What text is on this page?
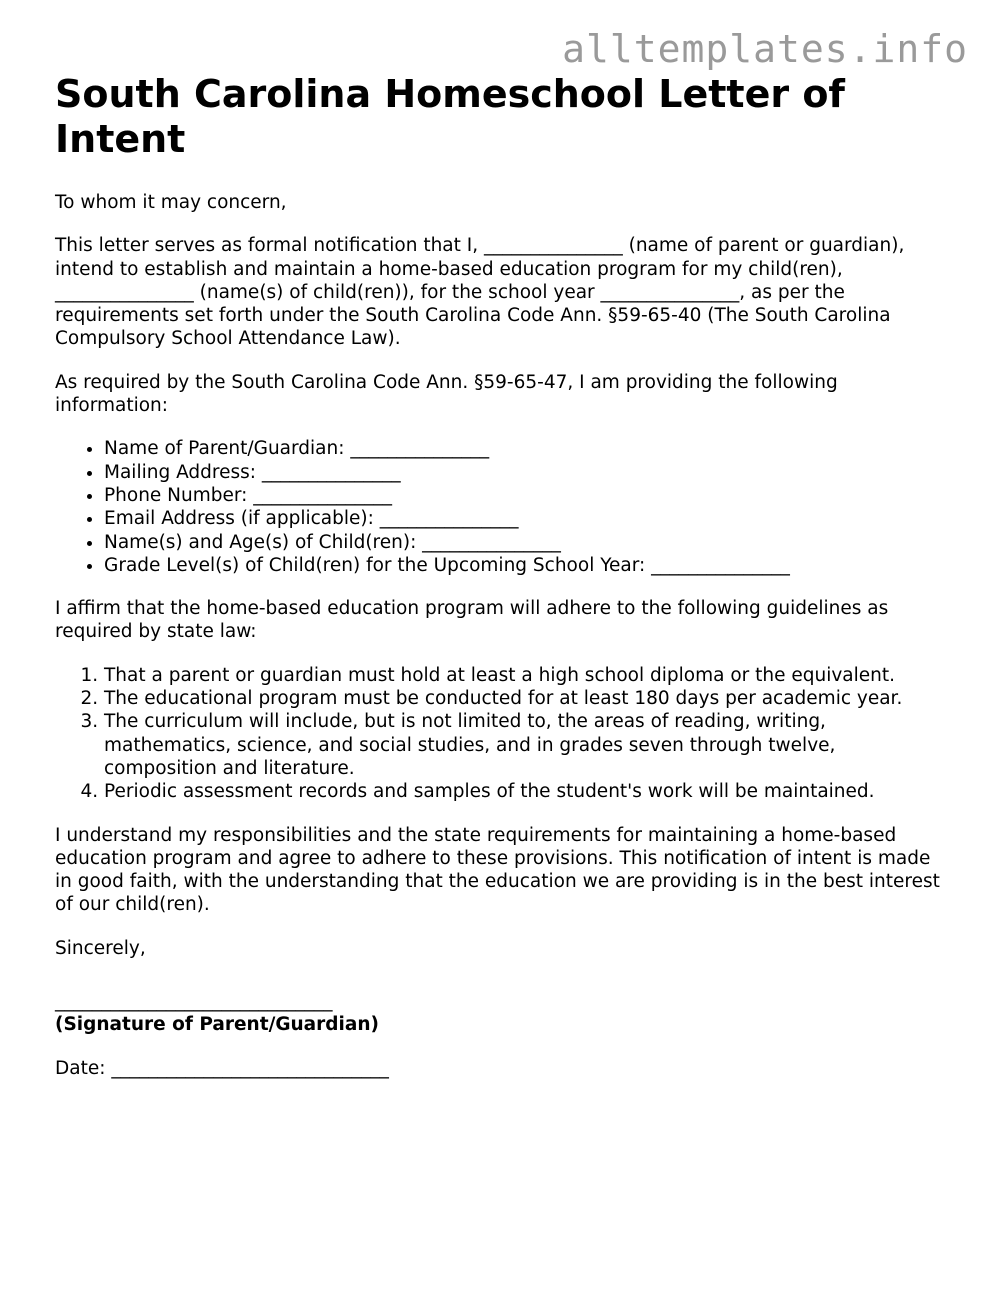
alltemplates.info
South Carolina Homeschool Letter of Intent

To whom it may concern,

This letter serves as formal notification that I, _______________ (name of parent or guardian), intend to establish and maintain a home-based education program for my child(ren), _______________ (name(s) of child(ren)), for the school year _______________, as per the requirements set forth under the South Carolina Code Ann. §59-65-40 (The South Carolina Compulsory School Attendance Law).

As required by the South Carolina Code Ann. §59-65-47, I am providing the following information:

• Name of Parent/Guardian: _______________
• Mailing Address: _______________
• Phone Number: _______________
• Email Address (if applicable): _______________
• Name(s) and Age(s) of Child(ren): _______________
• Grade Level(s) of Child(ren) for the Upcoming School Year: _______________

I affirm that the home-based education program will adhere to the following guidelines as required by state law:

1. That a parent or guardian must hold at least a high school diploma or the equivalent.
2. The educational program must be conducted for at least 180 days per academic year.
3. The curriculum will include, but is not limited to, the areas of reading, writing, mathematics, science, and social studies, and in grades seven through twelve, composition and literature.
4. Periodic assessment records and samples of the student's work will be maintained.

I understand my responsibilities and the state requirements for maintaining a home-based education program and agree to adhere to these provisions. This notification of intent is made in good faith, with the understanding that the education we are providing is in the best interest of our child(ren).

Sincerely,

______________________________

(Signature of Parent/Guardian)

Date: ______________________________
